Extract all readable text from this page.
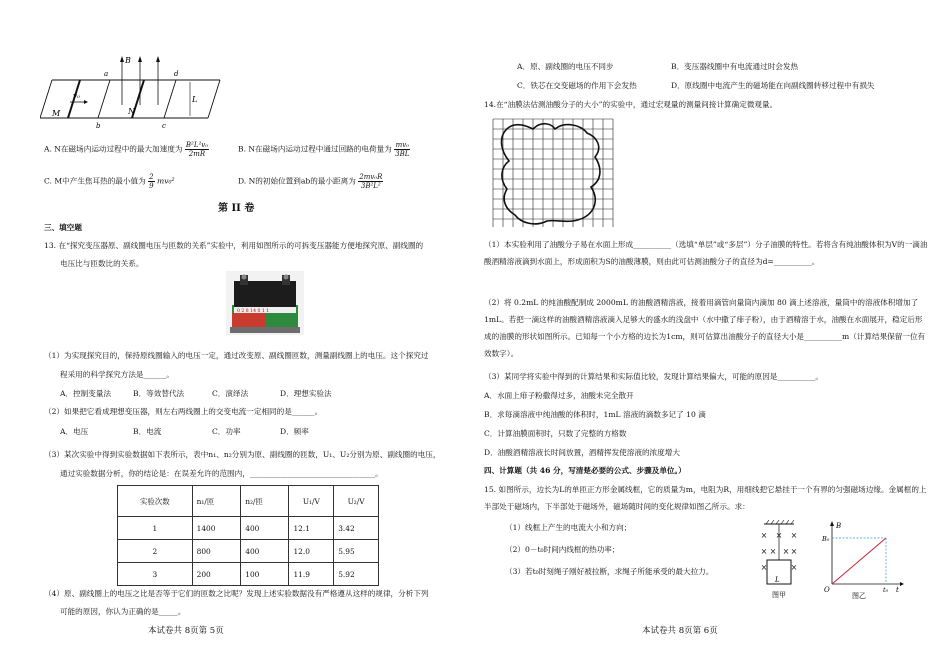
B
a	d
L
v₀
M	N
b	c
A. N在磁场内运动过程中的最大加速度为 $\frac{\text{B²L²v₀}}{2mR}$	B. N在磁场内运动过程中通过回路的电荷量为 $\frac{\text{mv₀}}{3BL}$
C. M中产生焦耳热的最小值为 $\frac{2}{9} mv_0^2$	D. N的初始位置到ab的最小距离为 $\frac{\text{2mv₀R}}{\text{3B²L²}}$
第 II 卷
三、填空题
13. 在“探究变压器原、副线圈电压与匝数的关系”实验中，利用如图所示的可拆变压器能方便地探究原、副线圈的
电压比与匝数比的关系。
0 2 8 14 0 1 1
（1）为实现探究目的，保持原线圈输入的电压一定，通过改变原、副线圈匝数，测量副线圈上的电压。这个探究过
程采用的科学探究方法是______。
A．控制变量法	B．等效替代法	C．演绎法	D．理想实验法
（2）如果把它看成理想变压器，则左右两线圈上的交变电流一定相同的是______。
A．电压	B．电流	C．功率	D．频率
（3）某次实验中得到实验数据如下表所示，表中n₁、n₂分别为原、副线圈的匝数，U₁、U₂分别为原、副线圈的电压，
通过实验数据分析，你的结论是：在误差允许的范围内，_________________________________。
实验次数	n₁/匝	n₂/匝	U₁/V	U₂/V
1	1400	400	12.1	3.42
2	800	400	12.0	5.95
3	200	100	11.9	5.92
（4）原、副线圈上的电压之比是否等于它们的匝数之比呢？发现上述实验数据没有严格遵从这样的规律，分析下列
可能的原因，你认为正确的是_____。
本试卷共 8页第 5页
A．原、副线圈的电压不同步	B．变压器线圈中有电流通过时会发热
C．铁芯在交变磁场的作用下会发热	D．原线圈中电流产生的磁场能在向副线圈转移过程中有损失
14.在“油膜法估测油酸分子的大小”的实验中，通过宏观量的测量间接计算确定微观量。
（1）本实验利用了油酸分子易在水面上形成__________（选填“单层”或“多层”）分子油膜的特性。若将含有纯油酸体积为V的一滴油酸酒精溶液滴到水面上，形成面积为S的油酸薄膜，则由此可估测油酸分子的直径为d=__________。
（2）将 0.2mL 的纯油酸配制成 2000mL 的油酸酒精溶液，接着用滴管向量筒内滴加 80 滴上述溶液，量筒中的溶液体积增加了 1mL。若把一滴这样的油酸酒精溶液滴入足够大的盛水的浅盘中（水中撒了痱子粉），由于酒精溶于水，油酸在水面展开，稳定后形成的油膜的形状如图所示。已知每一个小方格的边长为1cm，则可估算出油酸分子的直径大小是__________m（计算结果保留一位有效数字）。
（3）某同学将实验中得到的计算结果和实际值比较，发现计算结果偏大，可能的原因是__________。
A．水面上痱子粉撒得过多，油酸未完全散开
B．求每滴溶液中纯油酸的体积时，1mL 溶液的滴数多记了 10 滴
C．计算油膜面积时，只数了完整的方格数
D．油酸酒精溶液长时间放置，酒精挥发使溶液的浓度增大
四、计算题（共 46 分，写清楚必要的公式、步骤及单位。）
15. 如图所示，边长为L的单匝正方形金属线框，它的质量为m，电阻为R，用细线把它悬挂于一个有界的匀强磁场边缘。金属框的上半部处于磁场内，下半部处于磁场外，磁场随时间的变化规律如图乙所示。求：
（1）线框上产生的电流大小和方向；
（2）0－t₀时间内线框的热功率；
（3）若t₀时刻绳子刚好被拉断，求绳子所能承受的最大拉力。
× × ×
× × × ×
×	×
L
图甲
B
B₀
O	t₀ t
图乙
本试卷共 8页第 6页
